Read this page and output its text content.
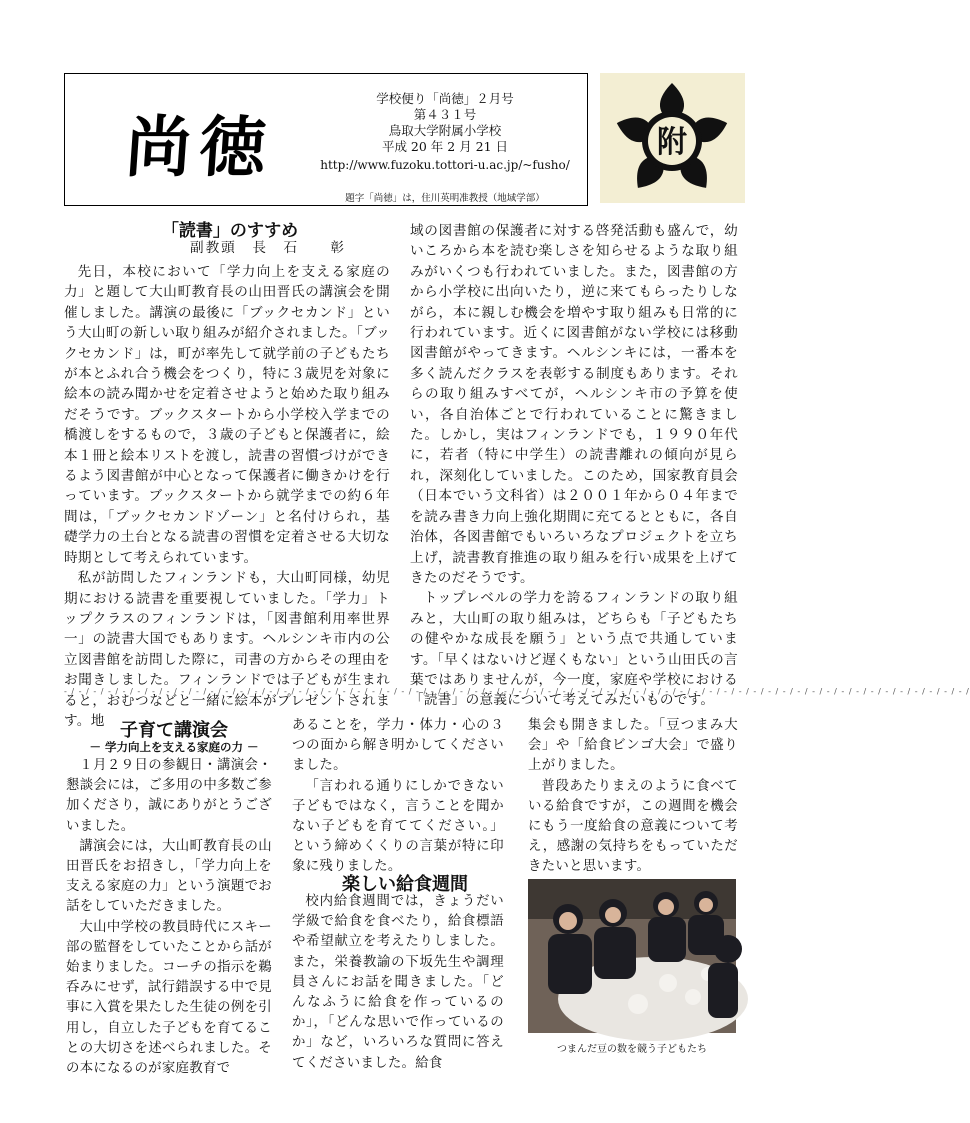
尚徳
学校便り「尚徳」２月号
第４３１号
鳥取大学附属小学校
平成 20 年 2 月 21 日
http://www.fuzoku.tottori-u.ac.jp/~fusho/
題字「尚徳」は，住川英明准教授（地域学部）
附
「読書」のすすめ
副教頭　長　石　　彰

先日，本校において「学力向上を支える家庭の力」と題して大山町教育長の山田晋氏の講演会を開催しました。講演の最後に「ブックセカンド」という大山町の新しい取り組みが紹介されました。「ブックセカンド」は，町が率先して就学前の子どもたちが本とふれ合う機会をつくり，特に３歳児を対象に絵本の読み聞かせを定着させようと始めた取り組みだそうです。ブックスタートから小学校入学までの橋渡しをするもので，３歳の子どもと保護者に，絵本１冊と絵本リストを渡し，読書の習慣づけができるよう図書館が中心となって保護者に働きかけを行っています。ブックスタートから就学までの約６年間は，「ブックセカンドゾーン」と名付けられ，基礎学力の土台となる読書の習慣を定着させる大切な時期として考えられています。

私が訪問したフィンランドも，大山町同様，幼児期における読書を重要視していました。「学力」トップクラスのフィンランドは，「図書館利用率世界一」の読書大国でもあります。ヘルシンキ市内の公立図書館を訪問した際に，司書の方からその理由をお聞きしました。フィンランドでは子どもが生まれると，おむつなどと一緒に絵本がプレゼントされます。地

域の図書館の保護者に対する啓発活動も盛んで，幼いころから本を読む楽しさを知らせるような取り組みがいくつも行われていました。また，図書館の方から小学校に出向いたり，逆に来てもらったりしながら，本に親しむ機会を増やす取り組みも日常的に行われています。近くに図書館がない学校には移動図書館がやってきます。ヘルシンキには，一番本を多く読んだクラスを表彰する制度もあります。それらの取り組みすべてが，ヘルシンキ市の予算を使い，各自治体ごとで行われていることに驚きました。しかし，実はフィンランドでも，１９９０年代に，若者（特に中学生）の読書離れの傾向が見られ，深刻化していました。このため，国家教育員会（日本でいう文科省）は２００１年から０４年までを読み書き力向上強化期間に充てるとともに，各自治体，各図書館でもいろいろなプロジェクトを立ち上げ，読書教育推進の取り組みを行い成果を上げてきたのだそうです。

トップレベルの学力を誇るフィンランドの取り組みと，大山町の取り組みは，どちらも「子どもたちの健やかな成長を願う」という点で共通しています。「早くはないけど遅くもない」という山田氏の言葉ではありませんが，今一度，家庭や学校における「読書」の意義について考えてみたいものです。

- / - / - / - / - / - / - / - / - / - / - / - / - / - / - / - / - / - / - / - / - / - / - / - / - / - / - / - / - / - / - / - / - / - / - / - / - / - / - / - / - / - / - / - / - / - / - / - / - / - / - / - / - / - / - / - / - / - / - / - / - / - /
子育て講演会
－ 学力向上を支える家庭の力 －

１月２９日の参観日・講演会・懇談会には，ご多用の中多数ご参加くださり，誠にありがとうございました。

講演会には，大山町教育長の山田晋氏をお招きし，「学力向上を支える家庭の力」という演題でお話をしていただきました。

大山中学校の教員時代にスキー部の監督をしていたことから話が始まりました。コーチの指示を鵜呑みにせず，試行錯誤する中で見事に入賞を果たした生徒の例を引用し，自立した子どもを育てることの大切さを述べられました。その本になるのが家庭教育で

あることを，学力・体力・心の３つの面から解き明かしてくださいました。

「言われる通りにしかできない子どもではなく，言うことを聞かない子どもを育ててください。」という締めくくりの言葉が特に印象に残りました。

楽しい給食週間

校内給食週間では，きょうだい学級で給食を食べたり，給食標語や希望献立を考えたりしました。また，栄養教諭の下坂先生や調理員さんにお話を聞きました。「どんなふうに給食を作っているのか」，「どんな思いで作っているのか」など，いろいろな質問に答えてくださいました。給食

集会も開きました。「豆つまみ大会」や「給食ビンゴ大会」で盛り上がりました。

普段あたりまえのように食べている給食ですが，この週間を機会にもう一度給食の意義について考え，感謝の気持ちをもっていただきたいと思います。

つまんだ豆の数を競う子どもたち
